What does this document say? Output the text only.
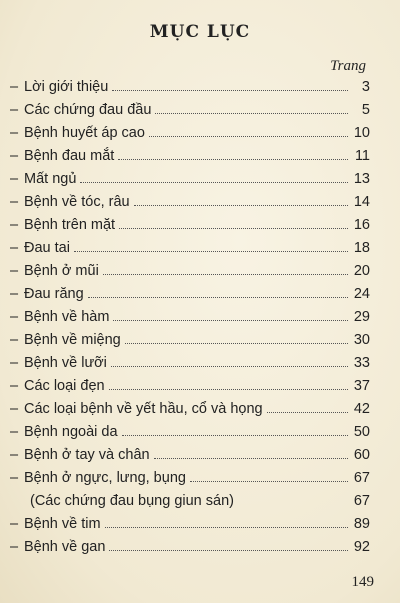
MỤC LỤC
Trang
– Lời giới thiệu	3
– Các chứng đau đầu	5
– Bệnh huyết áp cao	10
– Bệnh đau mắt	11
– Mất ngủ	13
– Bệnh về tóc, râu	14
– Bệnh trên mặt	16
– Đau tai	18
– Bệnh ở mũi	20
– Đau răng	24
– Bệnh về hàm	29
– Bệnh về miệng	30
– Bệnh về lưỡi	33
– Các loại đẹn	37
– Các loại bệnh về yết hầu, cổ và họng	42
– Bệnh ngoài da	50
– Bệnh ở tay và chân	60
– Bệnh ở ngực, lưng, bụng	67
(Các chứng đau bụng giun sán)	67
– Bệnh về tim	89
– Bệnh về gan	92
149
